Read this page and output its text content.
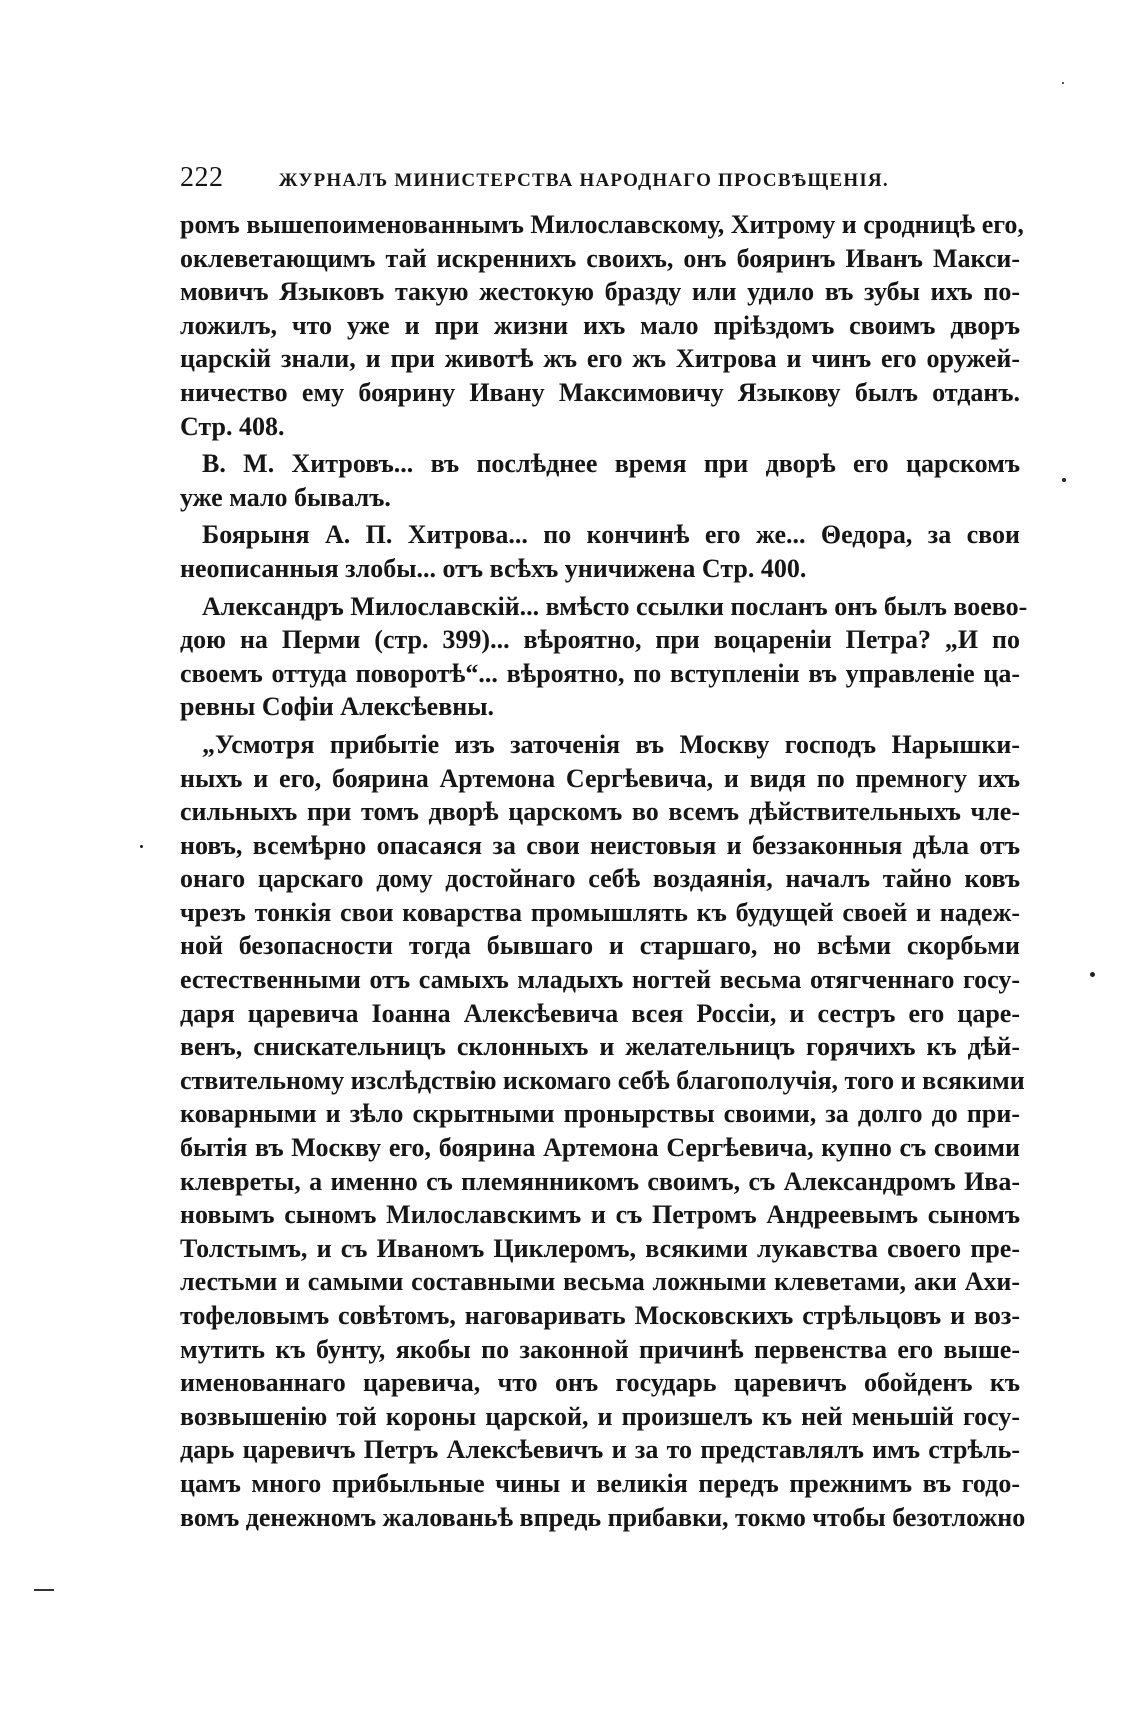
222	ЖУРНАЛЪ МИНИСТЕРСТВА НАРОДНАГО ПРОСВѢЩЕНІЯ.
ромъ вышепоименованнымъ Милославскому, Хитрому и сродницѣ его,
оклеветающимъ тай искреннихъ своихъ, онъ бояринъ Иванъ Макси-
мовичъ Языковъ такую жестокую бразду или удило въ зубы ихъ по-
ложилъ, что уже и при жизни ихъ мало пріѣздомъ своимъ дворъ
царскій знали, и при животѣ жъ его жъ Хитрова и чинъ его оружей-
ничество ему боярину Ивану Максимовичу Языкову былъ отданъ.
Стр. 408.
В. М. Хитровъ... въ послѣднее время при дворѣ его царскомъ
уже мало бывалъ.
Боярыня А. П. Хитрова... по кончинѣ его же... Θедора, за свои
неописанныя злобы... отъ всѣхъ уничижена Стр. 400.
Александръ Милославскій... вмѣсто ссылки посланъ онъ былъ воево-
дою на Перми (стр. 399)... вѣроятно, при воцареніи Петра? „И по
своемъ оттуда поворотѣ“... вѣроятно, по вступленіи въ управленіе ца-
ревны Софіи Алексѣевны.
„Усмотря прибытіе изъ заточенія въ Москву господъ Нарышки-
ныхъ и его, боярина Артемона Сергѣевича, и видя по премногу ихъ
сильныхъ при томъ дворѣ царскомъ во всемъ дѣйствительныхъ чле-
новъ, всемѣрно опасаяся за свои неистовыя и беззаконныя дѣла отъ
онаго царскаго дому достойнаго себѣ воздаянія, началъ тайно ковъ
чрезъ тонкія свои коварства промышлять къ будущей своей и надеж-
ной безопасности тогда бывшаго и старшаго, но всѣми скорбьми
естественными отъ самыхъ младыхъ ногтей весьма отягченнаго госу-
даря царевича Іоанна Алексѣевича всея Россіи, и сестръ его царе-
венъ, снискательницъ склонныхъ и желательницъ горячихъ къ дѣй-
ствительному изслѣдствію искомаго себѣ благополучія, того и всякими
коварными и зѣло скрытными пронырствы своими, за долго до при-
бытія въ Москву его, боярина Артемона Сергѣевича, купно съ своими
клевреты, а именно съ племянникомъ своимъ, съ Александромъ Ива-
новымъ сыномъ Милославскимъ и съ Петромъ Андреевымъ сыномъ
Толстымъ, и съ Иваномъ Циклеромъ, всякими лукавства своего пре-
лестьми и самыми составными весьма ложными клеветами, аки Ахи-
тофеловымъ совѣтомъ, наговаривать Московскихъ стрѣльцовъ и воз-
мутить къ бунту, якобы по законной причинѣ первенства его выше-
именованнаго царевича, что онъ государь царевичъ обойденъ къ
возвышенію той короны царской, и произшелъ къ ней меньшій госу-
дарь царевичъ Петръ Алексѣевичъ и за то представлялъ имъ стрѣль-
цамъ много прибыльные чины и великія передъ прежнимъ въ годо-
вомъ денежномъ жалованьѣ впредь прибавки, токмо чтобы безотложно
